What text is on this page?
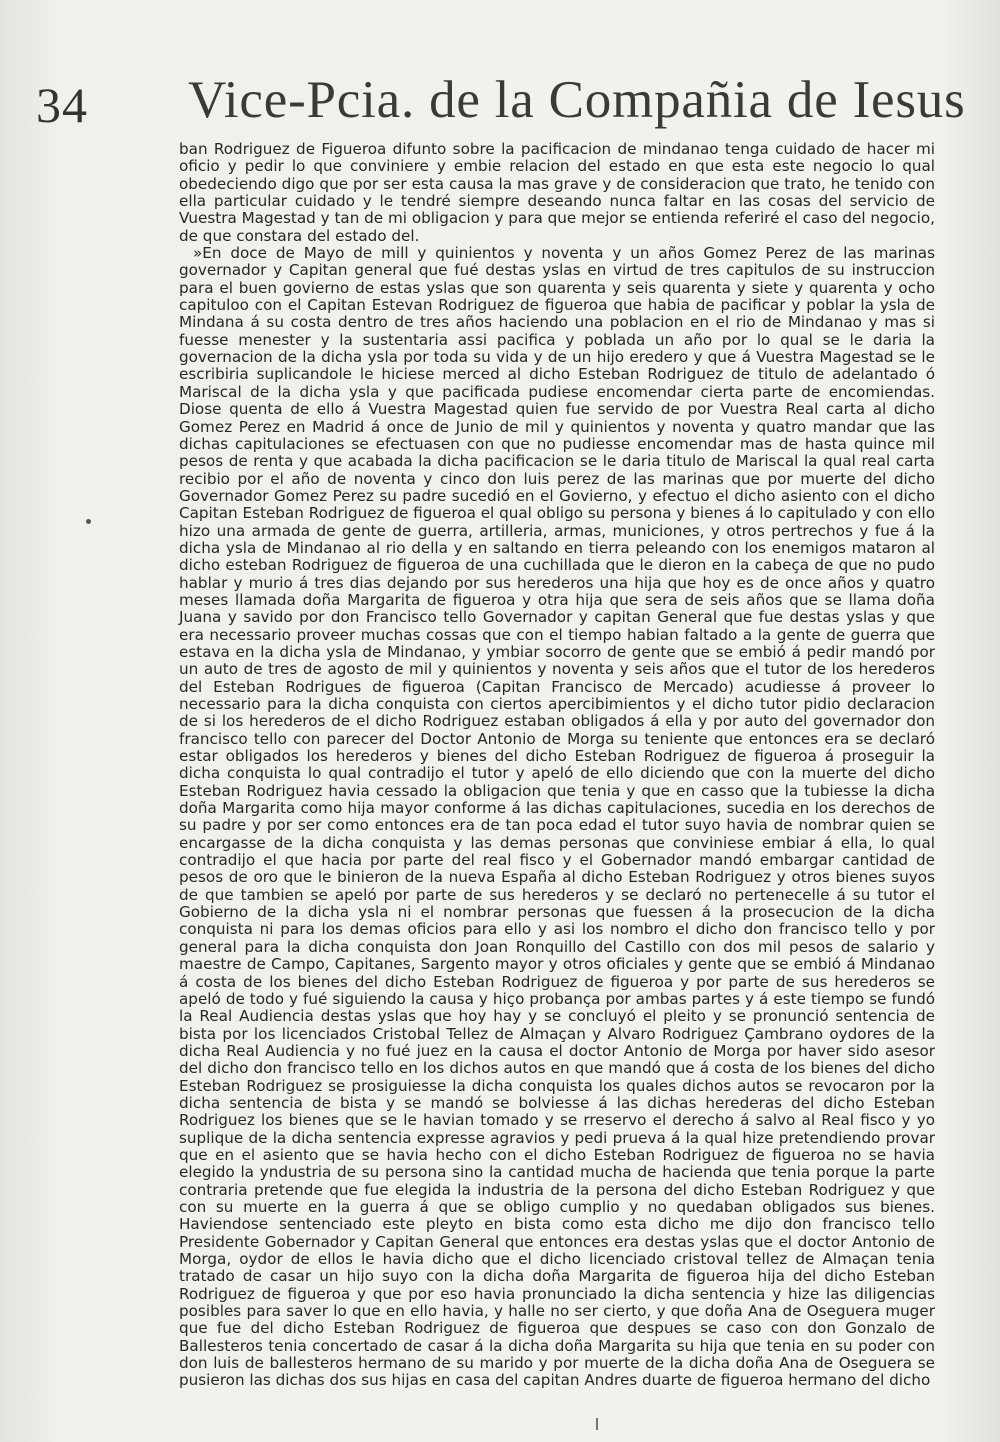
34 Vice-Pcia. de la Compañia de Iesus

ban Rodriguez de Figueroa difunto sobre la pacificacion de mindanao tenga cuidado de hacer mi oficio y pedir lo que conviniere y embie relacion del estado en que esta este negocio lo qual obedeciendo digo que por ser esta causa la mas grave y de consideracion que trato, he tenido con ella particular cuidado y le tendré siempre deseando nunca faltar en las cosas del servicio de Vuestra Magestad y tan de mi obligacion y para que mejor se entienda referiré el caso del negocio, de que constara del estado del.

»En doce de Mayo de mill y quinientos y noventa y un años Gomez Perez de las marinas governador y Capitan general que fué destas yslas en virtud de tres capitulos de su instruccion para el buen govierno de estas yslas que son quarenta y seis quarenta y siete y quarenta y ocho capituloo con el Capitan Estevan Rodriguez de figueroa que habia de pacificar y poblar la ysla de Mindana á su costa dentro de tres años haciendo una poblacion en el rio de Mindanao y mas si fuesse menester y la sustentaria assi pacifica y poblada un año por lo qual se le daria la governacion de la dicha ysla por toda su vida y de un hijo eredero y que á Vuestra Magestad se le escribiria suplicandole le hiciese merced al dicho Esteban Rodriguez de titulo de adelantado ó Mariscal de la dicha ysla y que pacificada pudiese encomendar cierta parte de encomiendas. Diose quenta de ello á Vuestra Magestad quien fue servido de por Vuestra Real carta al dicho Gomez Perez en Madrid á once de Junio de mil y quinientos y noventa y quatro mandar que las dichas capitulaciones se efectuasen con que no pudiesse encomendar mas de hasta quince mil pesos de renta y que acabada la dicha pacificacion se le daria titulo de Mariscal la qual real carta recibio por el año de noventa y cinco don luis perez de las marinas que por muerte del dicho Governador Gomez Perez su padre sucedió en el Govierno, y efectuo el dicho asiento con el dicho Capitan Esteban Rodriguez de figueroa el qual obligo su persona y bienes á lo capitulado y con ello hizo una armada de gente de guerra, artilleria, armas, municiones, y otros pertrechos y fue á la dicha ysla de Mindanao al rio della y en saltando en tierra peleando con los enemigos mataron al dicho esteban Rodriguez de figueroa de una cuchillada que le dieron en la cabeça de que no pudo hablar y murio á tres dias dejando por sus herederos una hija que hoy es de once años y quatro meses llamada doña Margarita de figueroa y otra hija que sera de seis años que se llama doña Juana y savido por don Francisco tello Governador y capitan General que fue destas yslas y que era necessario proveer muchas cossas que con el tiempo habian faltado a la gente de guerra que estava en la dicha ysla de Mindanao, y ymbiar socorro de gente que se embió á pedir mandó por un auto de tres de agosto de mil y quinientos y noventa y seis años que el tutor de los herederos del Esteban Rodrigues de figueroa (Capitan Francisco de Mercado) acudiesse á proveer lo necessario para la dicha conquista con ciertos apercibimientos y el dicho tutor pidio declaracion de si los herederos de el dicho Rodriguez estaban obligados á ella y por auto del governador don francisco tello con parecer del Doctor Antonio de Morga su teniente que entonces era se declaró estar obligados los herederos y bienes del dicho Esteban Rodriguez de figueroa á proseguir la dicha conquista lo qual contradijo el tutor y apeló de ello diciendo que con la muerte del dicho Esteban Rodriguez havia cessado la obligacion que tenia y que en casso que la tubiesse la dicha doña Margarita como hija mayor conforme á las dichas capitulaciones, sucedia en los derechos de su padre y por ser como entonces era de tan poca edad el tutor suyo havia de nombrar quien se encargasse de la dicha conquista y las demas personas que conviniese embiar á ella, lo qual contradijo el que hacia por parte del real fisco y el Gobernador mandó embargar cantidad de pesos de oro que le binieron de la nueva España al dicho Esteban Rodriguez y otros bienes suyos de que tambien se apeló por parte de sus herederos y se declaró no pertenecelle á su tutor el Gobierno de la dicha ysla ni el nombrar personas que fuessen á la prosecucion de la dicha conquista ni para los demas oficios para ello y asi los nombro el dicho don francisco tello y por general para la dicha conquista don Joan Ronquillo del Castillo con dos mil pesos de salario y maestre de Campo, Capitanes, Sargento mayor y otros oficiales y gente que se embió á Mindanao á costa de los bienes del dicho Esteban Rodriguez de figueroa y por parte de sus herederos se apeló de todo y fué siguiendo la causa y hiço probança por ambas partes y á este tiempo se fundó la Real Audiencia destas yslas que hoy hay y se concluyó el pleito y se pronunció sentencia de bista por los licenciados Cristobal Tellez de Almaçan y Alvaro Rodriguez Çambrano oydores de la dicha Real Audiencia y no fué juez en la causa el doctor Antonio de Morga por haver sido asesor del dicho don francisco tello en los dichos autos en que mandó que á costa de los bienes del dicho Esteban Rodriguez se prosiguiesse la dicha conquista los quales dichos autos se revocaron por la dicha sentencia de bista y se mandó se bolviesse á las dichas herederas del dicho Esteban Rodriguez los bienes que se le havian tomado y se rreservo el derecho á salvo al Real fisco y yo suplique de la dicha sentencia expresse agravios y pedi prueva á la qual hize pretendiendo provar que en el asiento que se havia hecho con el dicho Esteban Rodriguez de figueroa no se havia elegido la yndustria de su persona sino la cantidad mucha de hacienda que tenia porque la parte contraria pretende que fue elegida la industria de la persona del dicho Esteban Rodriguez y que con su muerte en la guerra á que se obligo cumplio y no quedaban obligados sus bienes. Haviendose sentenciado este pleyto en bista como esta dicho me dijo don francisco tello Presidente Gobernador y Capitan General que entonces era destas yslas que el doctor Antonio de Morga, oydor de ellos le havia dicho que el dicho licenciado cristoval tellez de Almaçan tenia tratado de casar un hijo suyo con la dicha doña Margarita de figueroa hija del dicho Esteban Rodriguez de figueroa y que por eso havia pronunciado la dicha sentencia y hize las diligencias posibles para saver lo que en ello havia, y halle no ser cierto, y que doña Ana de Oseguera muger que fue del dicho Esteban Rodriguez de figueroa que despues se caso con don Gonzalo de Ballesteros tenia concertado de casar á la dicha doña Margarita su hija que tenia en su poder con don luis de ballesteros hermano de su marido y por muerte de la dicha doña Ana de Oseguera se pusieron las dichas dos sus hijas en casa del capitan Andres duarte de figueroa hermano del dicho
